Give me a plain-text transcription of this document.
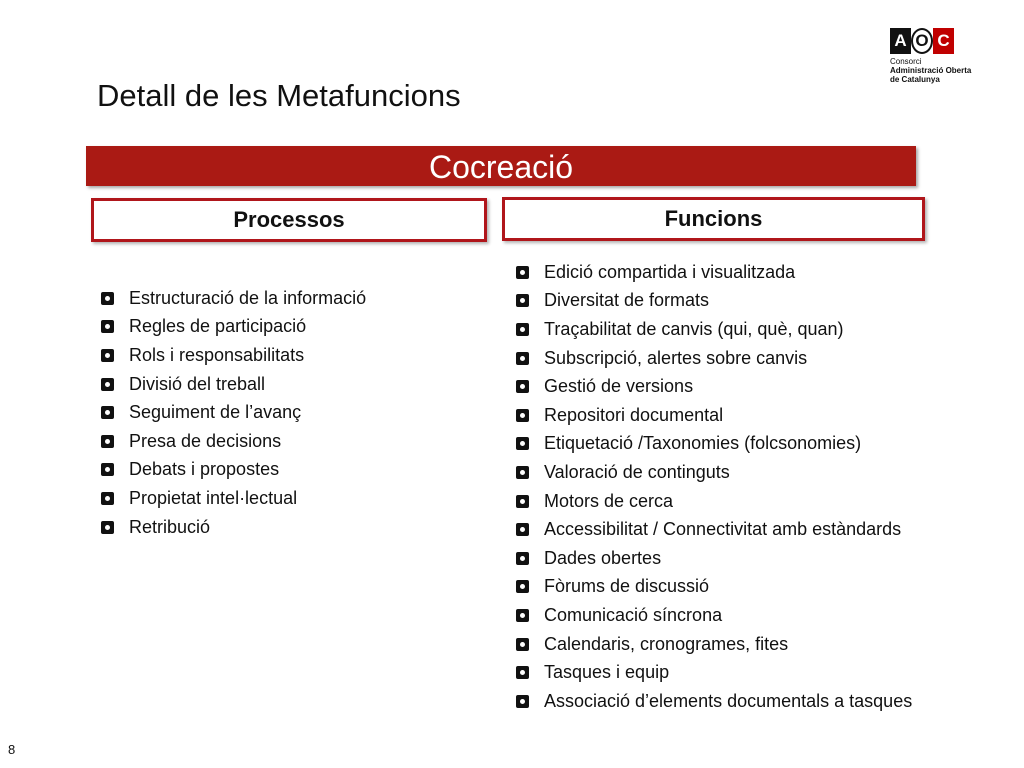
A O C
Consorci
Administració Oberta
de Catalunya
Detall de les Metafuncions
Cocreació
Processos	Funcions
Estructuració de la informació
Regles de participació
Rols i responsabilitats
Divisió del treball
Seguiment de l’avanç
Presa de decisions
Debats i propostes
Propietat intel·lectual
Retribució
Edició compartida i visualitzada
Diversitat de formats
Traçabilitat de canvis (qui, què, quan)
Subscripció, alertes sobre canvis
Gestió de versions
Repositori documental
Etiquetació /Taxonomies (folcsonomies)
Valoració de continguts
Motors de cerca
Accessibilitat / Connectivitat amb estàndards
Dades obertes
Fòrums de discussió
Comunicació síncrona
Calendaris, cronogrames, fites
Tasques i equip
Associació d’elements documentals a tasques
8
